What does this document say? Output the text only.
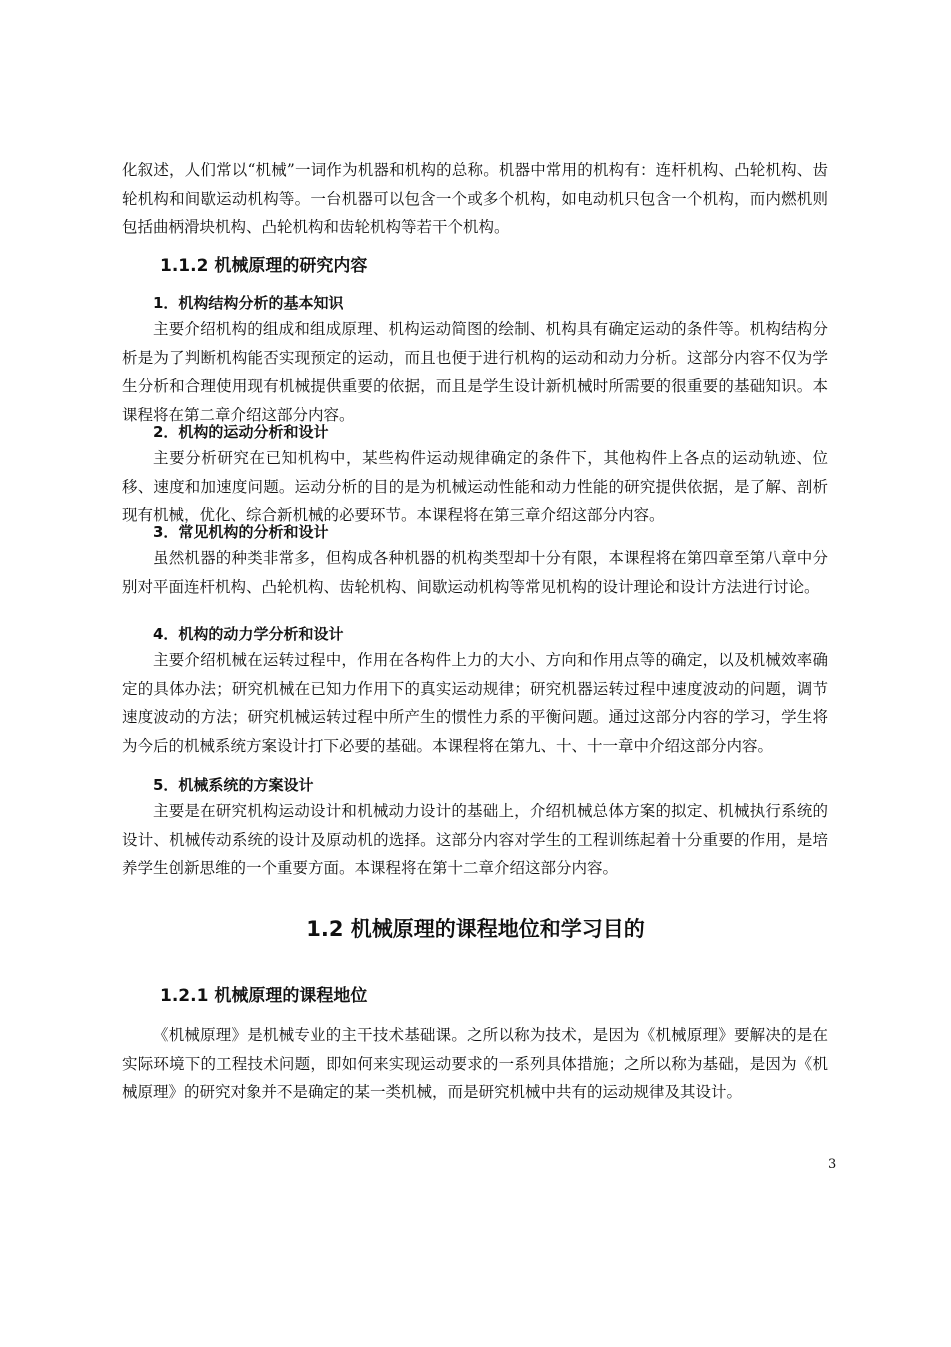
化叙述，人们常以“机械”一词作为机器和机构的总称。机器中常用的机构有：连杆机构、凸轮机构、齿轮机构和间歇运动机构等。一台机器可以包含一个或多个机构，如电动机只包含一个机构，而内燃机则包括曲柄滑块机构、凸轮机构和齿轮机构等若干个机构。

1.1.2 机械原理的研究内容

1．机构结构分析的基本知识

主要介绍机构的组成和组成原理、机构运动简图的绘制、机构具有确定运动的条件等。机构结构分析是为了判断机构能否实现预定的运动，而且也便于进行机构的运动和动力分析。这部分内容不仅为学生分析和合理使用现有机械提供重要的依据，而且是学生设计新机械时所需要的很重要的基础知识。本课程将在第二章介绍这部分内容。

2．机构的运动分析和设计

主要分析研究在已知机构中，某些构件运动规律确定的条件下，其他构件上各点的运动轨迹、位移、速度和加速度问题。运动分析的目的是为机械运动性能和动力性能的研究提供依据，是了解、剖析现有机械，优化、综合新机械的必要环节。本课程将在第三章介绍这部分内容。

3．常见机构的分析和设计

虽然机器的种类非常多，但构成各种机器的机构类型却十分有限，本课程将在第四章至第八章中分别对平面连杆机构、凸轮机构、齿轮机构、间歇运动机构等常见机构的设计理论和设计方法进行讨论。

4．机构的动力学分析和设计

主要介绍机械在运转过程中，作用在各构件上力的大小、方向和作用点等的确定，以及机械效率确定的具体办法；研究机械在已知力作用下的真实运动规律；研究机器运转过程中速度波动的问题，调节速度波动的方法；研究机械运转过程中所产生的惯性力系的平衡问题。通过这部分内容的学习，学生将为今后的机械系统方案设计打下必要的基础。本课程将在第九、十、十一章中介绍这部分内容。

5．机械系统的方案设计

主要是在研究机构运动设计和机械动力设计的基础上，介绍机械总体方案的拟定、机械执行系统的设计、机械传动系统的设计及原动机的选择。这部分内容对学生的工程训练起着十分重要的作用，是培养学生创新思维的一个重要方面。本课程将在第十二章介绍这部分内容。

1.2 机械原理的课程地位和学习目的
1.2.1 机械原理的课程地位

《机械原理》是机械专业的主干技术基础课。之所以称为技术，是因为《机械原理》要解决的是在实际环境下的工程技术问题，即如何来实现运动要求的一系列具体措施；之所以称为基础，是因为《机械原理》的研究对象并不是确定的某一类机械，而是研究机械中共有的运动规律及其设计。

3
